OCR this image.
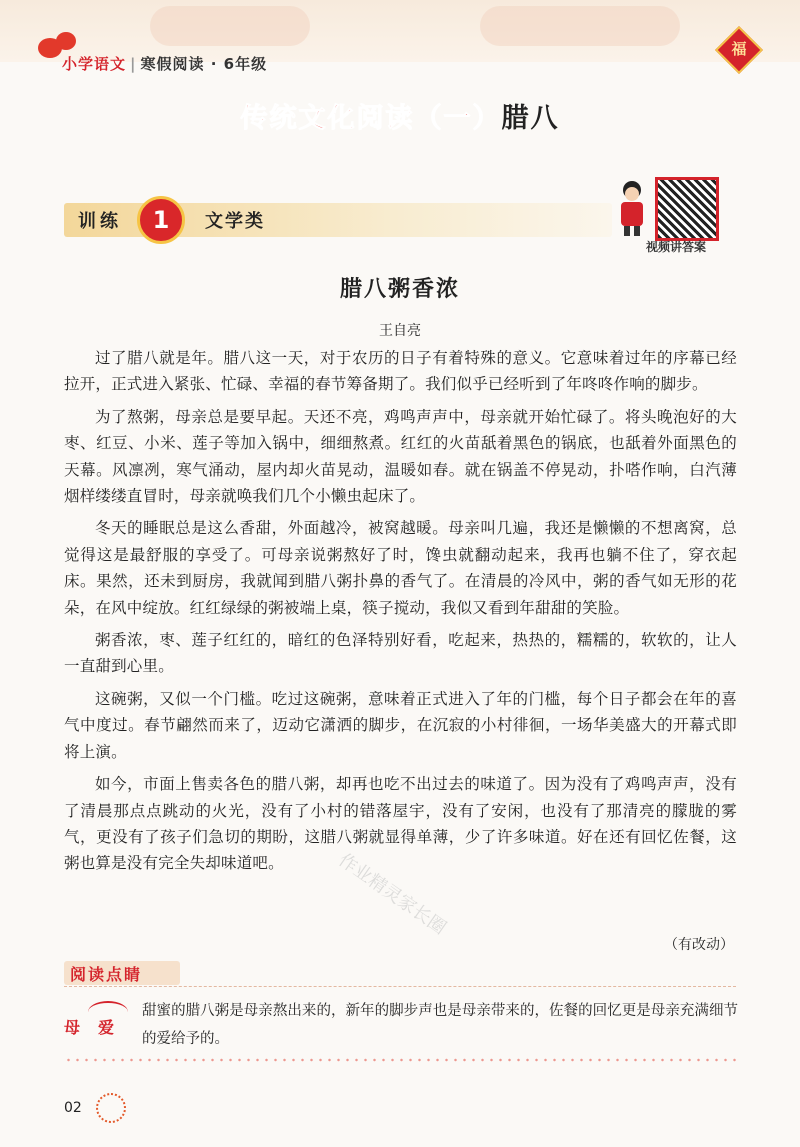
小学语文 | 寒假阅读 · 6年级
福
传统文化阅读（一）腊八
训练	1	文学类
视频讲答案
腊八粥香浓
王自亮

过了腊八就是年。腊八这一天，对于农历的日子有着特殊的意义。它意味着过年的序幕已经拉开，正式进入紧张、忙碌、幸福的春节筹备期了。我们似乎已经听到了年咚咚作响的脚步。

为了熬粥，母亲总是要早起。天还不亮，鸡鸣声声中，母亲就开始忙碌了。将头晚泡好的大枣、红豆、小米、莲子等加入锅中，细细熬煮。红红的火苗舐着黑色的锅底，也舐着外面黑色的天幕。风凛冽，寒气涌动，屋内却火苗晃动，温暖如春。就在锅盖不停晃动，扑嗒作响，白汽薄烟样缕缕直冒时，母亲就唤我们几个小懒虫起床了。

冬天的睡眠总是这么香甜，外面越冷，被窝越暖。母亲叫几遍，我还是懒懒的不想离窝，总觉得这是最舒服的享受了。可母亲说粥熬好了时，馋虫就翻动起来，我再也躺不住了，穿衣起床。果然，还未到厨房，我就闻到腊八粥扑鼻的香气了。在清晨的冷风中，粥的香气如无形的花朵，在风中绽放。红红绿绿的粥被端上桌，筷子搅动，我似又看到年甜甜的笑脸。

粥香浓，枣、莲子红红的，暗红的色泽特别好看，吃起来，热热的，糯糯的，软软的，让人一直甜到心里。

这碗粥，又似一个门槛。吃过这碗粥，意味着正式进入了年的门槛，每个日子都会在年的喜气中度过。春节翩然而来了，迈动它潇洒的脚步，在沉寂的小村徘徊，一场华美盛大的开幕式即将上演。

如今，市面上售卖各色的腊八粥，却再也吃不出过去的味道了。因为没有了鸡鸣声声，没有了清晨那点点跳动的火光，没有了小村的错落屋宇，没有了安闲，也没有了那清亮的朦胧的雾气，更没有了孩子们急切的期盼，这腊八粥就显得单薄，少了许多味道。好在还有回忆佐餐，这粥也算是没有完全失却味道吧。

（有改动）
作业精灵家长圈
阅读点睛
母爱
甜蜜的腊八粥是母亲熬出来的，新年的脚步声也是母亲带来的，佐餐的回忆更是母亲充满细节的爱给予的。
02
